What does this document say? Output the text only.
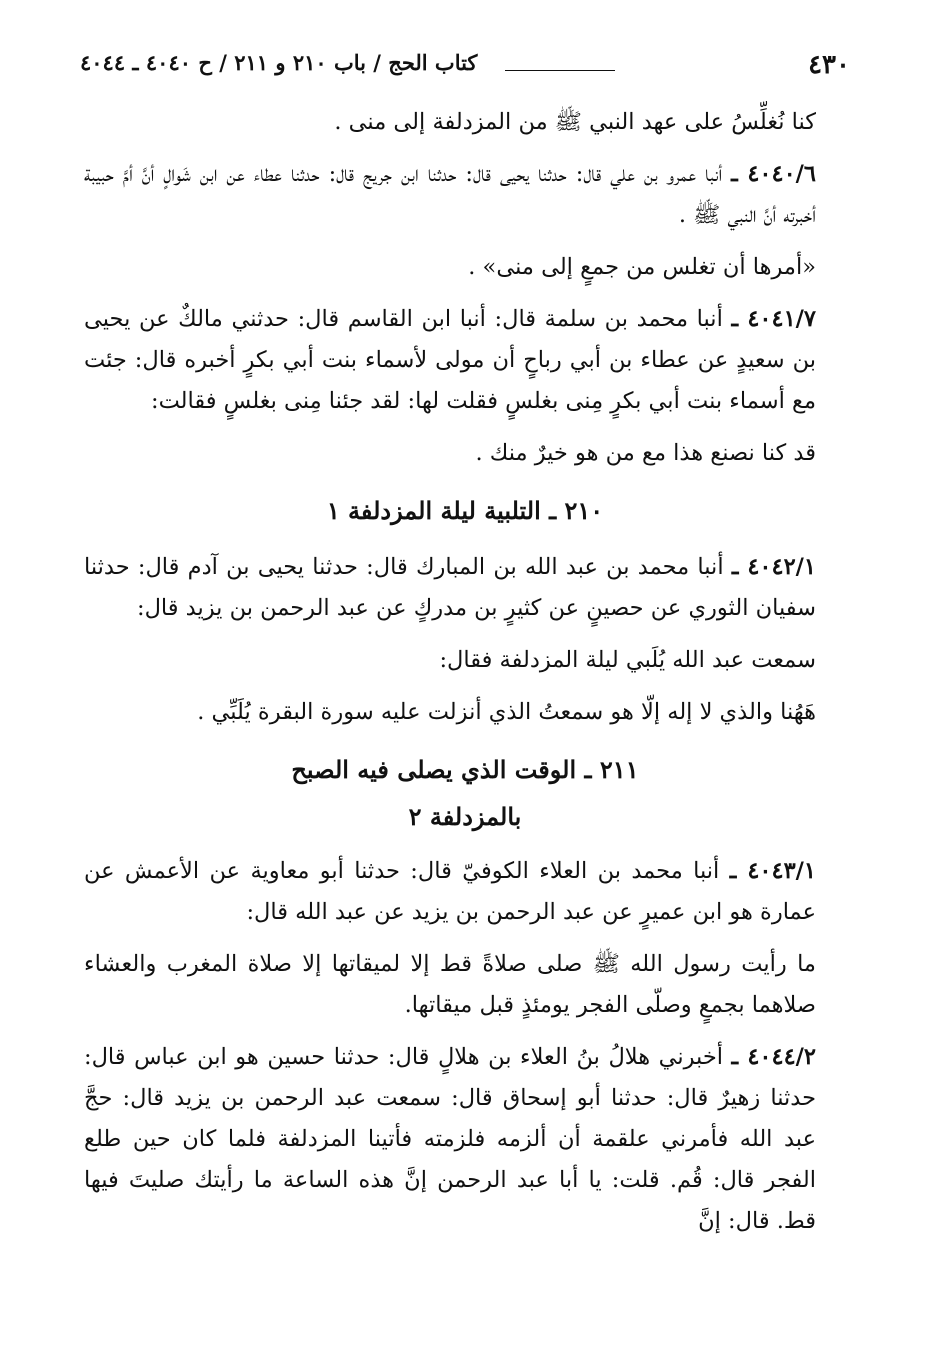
٤٣٠
كتاب الحج / باب ٢١٠ و ٢١١ / ح ٤٠٤٠ ـ ٤٠٤٤

كنا نُغلِّسُ على عهد النبي ﷺ من المزدلفة إلى منى .

٤٠٤٠/٦ ـ أنبا عمرو بن علي قال: حدثنا يحيى قال: حدثنا ابن جريج قال: حدثنا عطاء عن ابن شَوالٍ أنَّ أمَّ حبيبة أخبرته أنَّ النبي ﷺ .

«أمرها أن تغلس من جمعٍ إلى منى» .

٤٠٤١/٧ ـ أنبا محمد بن سلمة قال: أنبا ابن القاسم قال: حدثني مالكٌ عن يحيى بن سعيدٍ عن عطاء بن أبي رباحٍ أن مولى لأسماء بنت أبي بكرٍ أخبره قال: جئت مع أسماء بنت أبي بكرٍ مِنى بغلسٍ فقلت لها: لقد جئنا مِنى بغلسٍ فقالت:

قد كنا نصنع هذا مع من هو خيرٌ منك .

٢١٠ ـ التلبية ليلة المزدلفة ١

٤٠٤٢/١ ـ أنبا محمد بن عبد الله بن المبارك قال: حدثنا يحيى بن آدم قال: حدثنا سفيان الثوري عن حصينٍ عن كثيرٍ بن مدركٍ عن عبد الرحمن بن يزيد قال:

سمعت عبد الله يُلَبي ليلة المزدلفة فقال:

هَهُنا والذي لا إله إلّا هو سمعتُ الذي أنزلت عليه سورة البقرة يُلَبِّي .

٢١١ ـ الوقت الذي يصلى فيه الصبح
بالمزدلفة ٢

٤٠٤٣/١ ـ أنبا محمد بن العلاء الكوفيّ قال: حدثنا أبو معاوية عن الأعمش عن عمارة هو ابن عميرٍ عن عبد الرحمن بن يزيد عن عبد الله قال:

ما رأيت رسول الله ﷺ صلى صلاةً قط إلا لميقاتها إلا صلاة المغرب والعشاء صلاهما بجمعٍ وصلّى الفجر يومئذٍ قبل ميقاتها.

٤٠٤٤/٢ ـ أخبرني هلالُ بنُ العلاء بن هلالٍ قال: حدثنا حسين هو ابن عباس قال: حدثنا زهيرٌ قال: حدثنا أبو إسحاق قال: سمعت عبد الرحمن بن يزيد قال: حجَّ عبد الله فأمرني علقمة أن ألزمه فلزمته فأتينا المزدلفة فلما كان حين طلع الفجر قال: قُم. قلت: يا أبا عبد الرحمن إنَّ هذه الساعة ما رأيتك صليتَ فيها قط. قال: إنَّ
